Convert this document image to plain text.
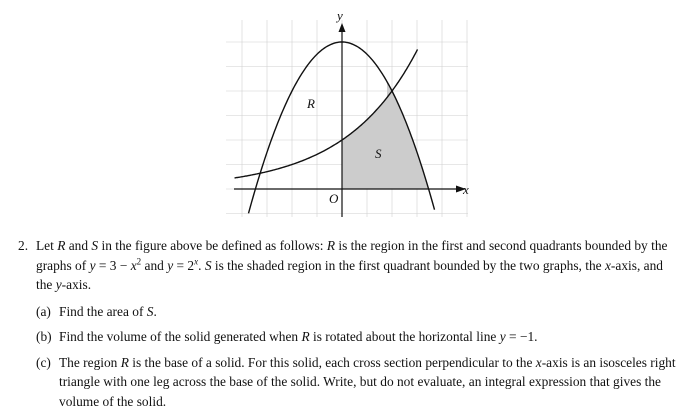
x
y
O
R
S
2. Let R and S in the figure above be defined as follows: R is the region in the first and second quadrants bounded by the graphs of $y = 3 - x^2$ and $y = 2^x$. S is the shaded region in the first quadrant bounded by the two graphs, the x-axis, and the y-axis.
(a) Find the area of S.
(b) Find the volume of the solid generated when R is rotated about the horizontal line y = −1.
(c) The region R is the base of a solid. For this solid, each cross section perpendicular to the x-axis is an isosceles right triangle with one leg across the base of the solid. Write, but do not evaluate, an integral expression that gives the volume of the solid.
